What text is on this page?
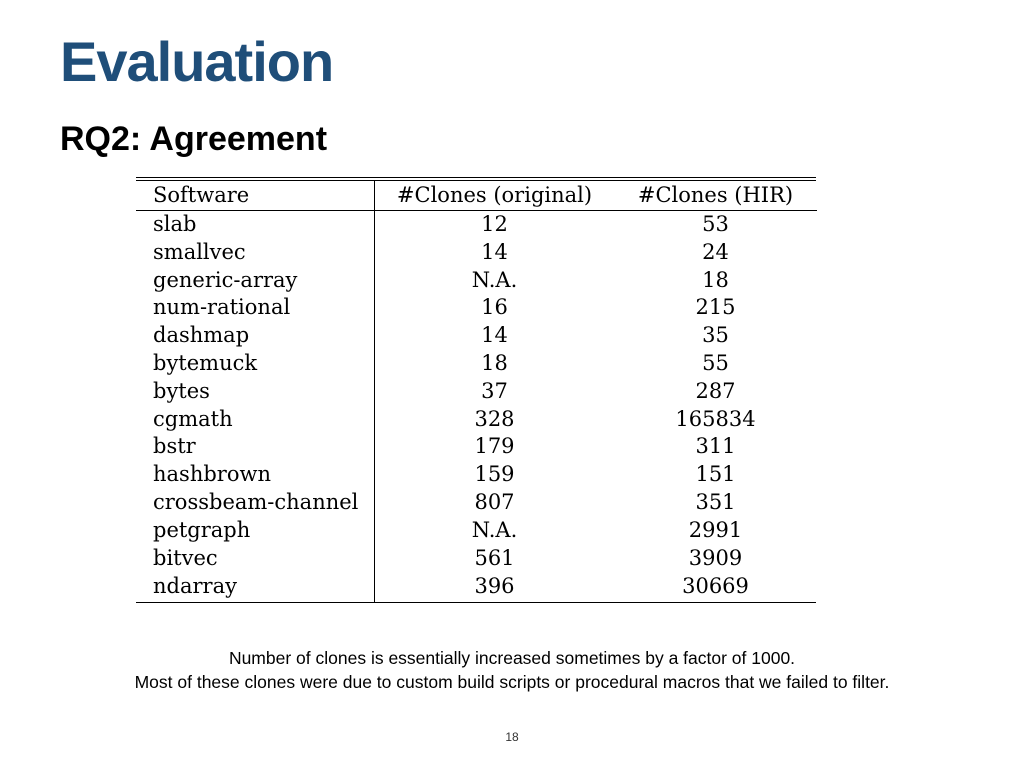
Evaluation
RQ2: Agreement
Software	#Clones (original)	#Clones (HIR)
slab	12	53
smallvec	14	24
generic-array	N.A.	18
num-rational	16	215
dashmap	14	35
bytemuck	18	55
bytes	37	287
cgmath	328	165834
bstr	179	311
hashbrown	159	151
crossbeam-channel	807	351
petgraph	N.A.	2991
bitvec	561	3909
ndarray	396	30669
Number of clones is essentially increased sometimes by a factor of 1000.
Most of these clones were due to custom build scripts or procedural macros that we failed to filter.
18
